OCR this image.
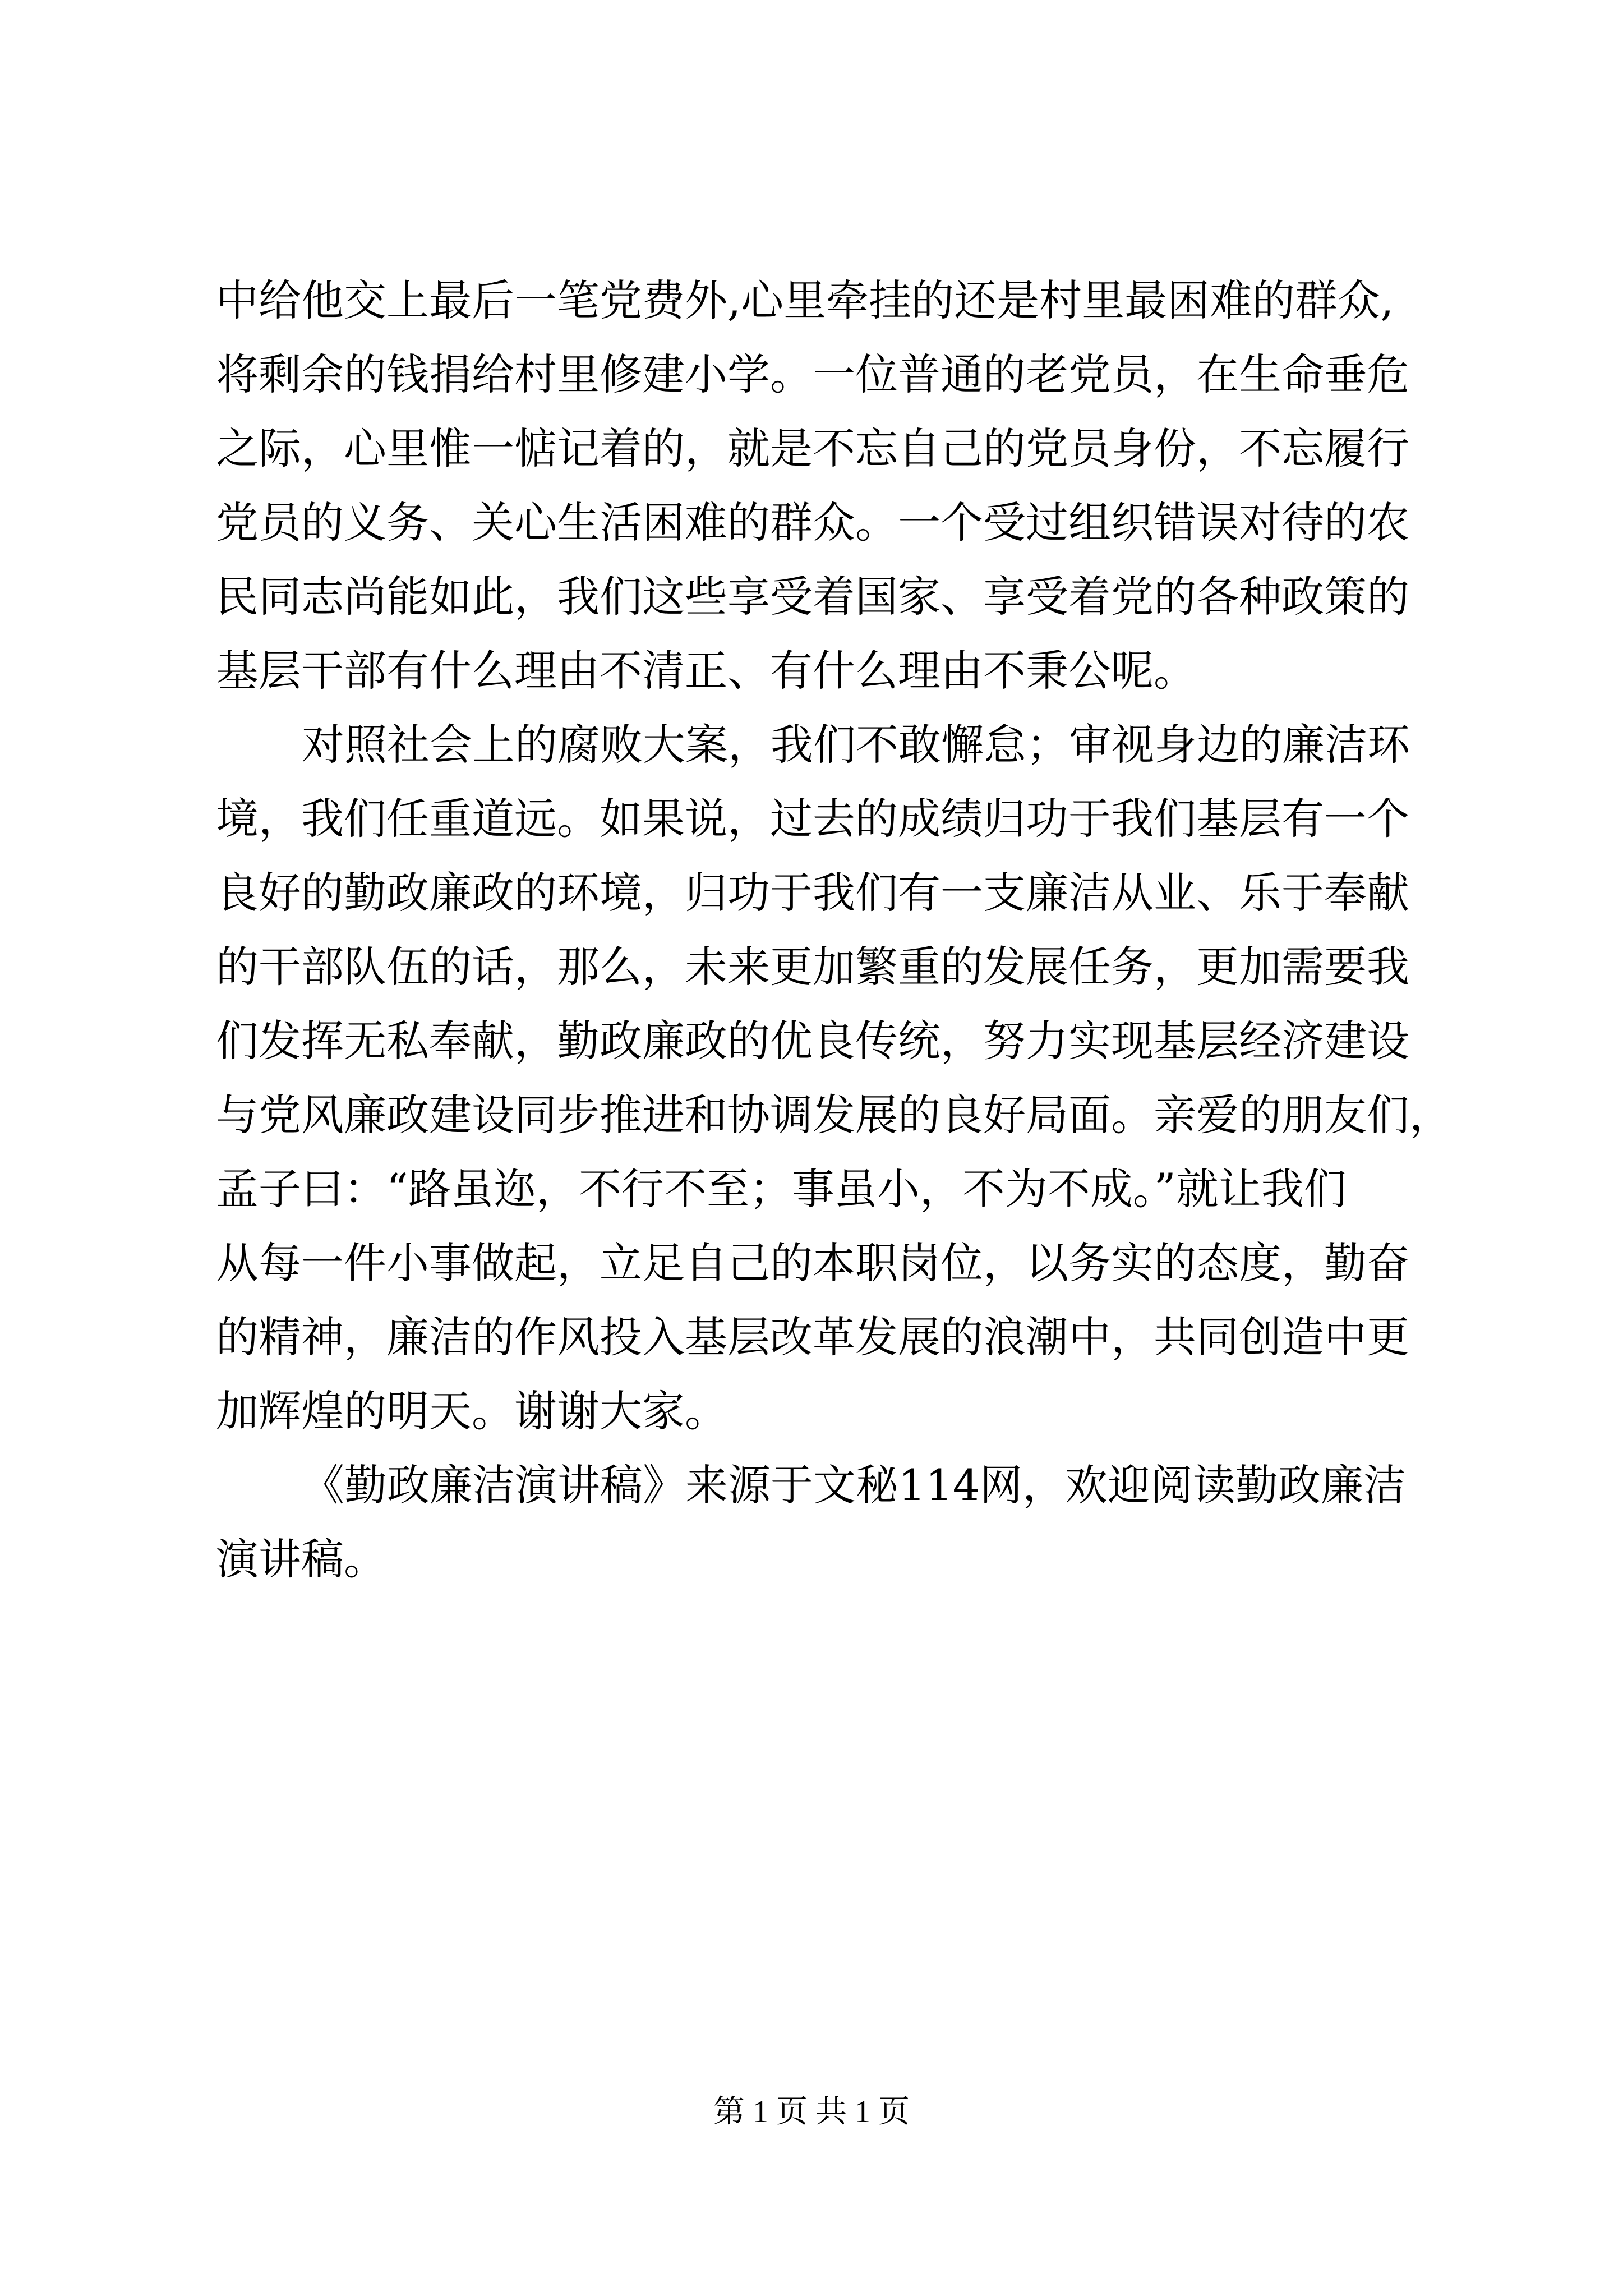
中给他交上最后一笔党费外,心里牵挂的还是村里最困难的群众,
将剩余的钱捐给村里修建小学。一位普通的老党员，在生命垂危
之际，心里惟一惦记着的，就是不忘自己的党员身份，不忘履行
党员的义务、关心生活困难的群众。一个受过组织错误对待的农
民同志尚能如此，我们这些享受着国家、享受着党的各种政策的
基层干部有什么理由不清正、有什么理由不秉公呢。
对照社会上的腐败大案，我们不敢懈怠；审视身边的廉洁环
境，我们任重道远。如果说，过去的成绩归功于我们基层有一个
良好的勤政廉政的环境，归功于我们有一支廉洁从业、乐于奉献
的干部队伍的话，那么，未来更加繁重的发展任务，更加需要我
们发挥无私奉献，勤政廉政的优良传统，努力实现基层经济建设
与党风廉政建设同步推进和协调发展的良好局面。亲爱的朋友们，
孟子曰：“路虽迩，不行不至；事虽小，不为不成。”就让我们
从每一件小事做起，立足自己的本职岗位，以务实的态度，勤奋
的精神，廉洁的作风投入基层改革发展的浪潮中，共同创造中更
加辉煌的明天。谢谢大家。
《勤政廉洁演讲稿》来源于文秘114网，欢迎阅读勤政廉洁
演讲稿。
第 1 页 共 1 页
